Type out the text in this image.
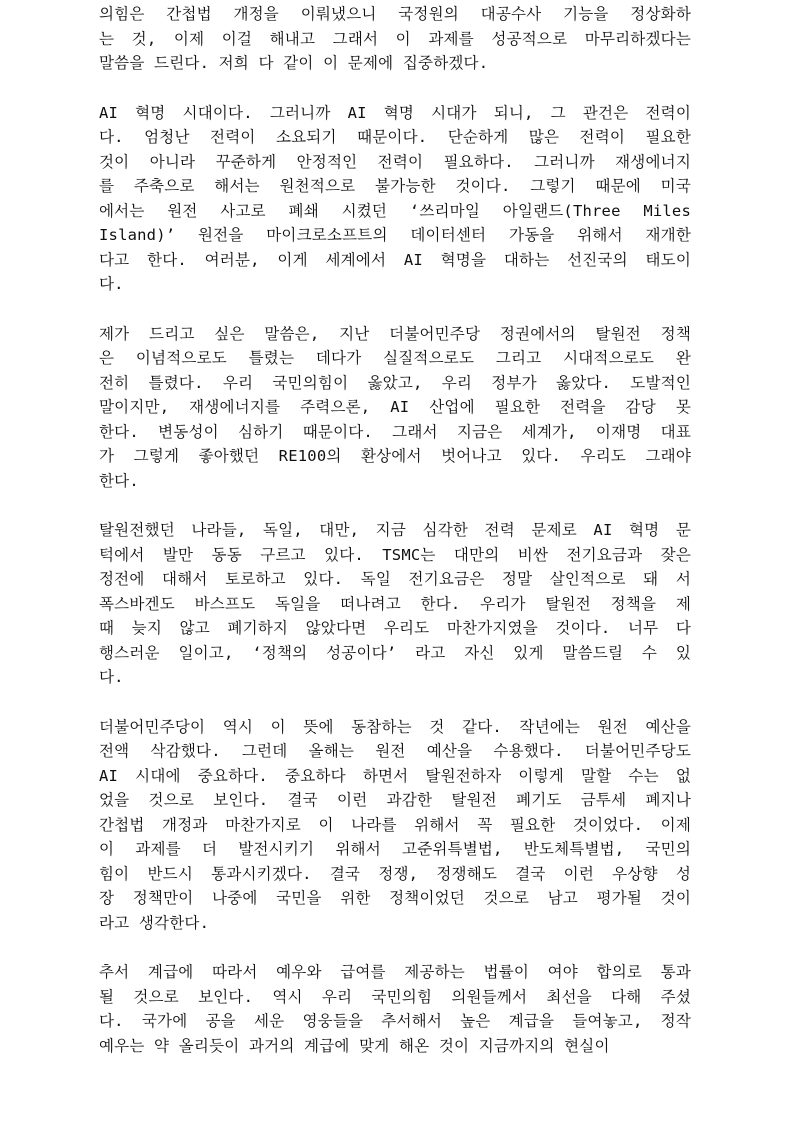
의힘은 간첩법 개정을 이뤄냈으니 국정원의 대공수사 기능을 정상화하
는 것, 이제 이걸 해내고 그래서 이 과제를 성공적으로 마무리하겠다는
말씀을 드린다. 저희 다 같이 이 문제에 집중하겠다.
AI 혁명 시대이다. 그러니까 AI 혁명 시대가 되니, 그 관건은 전력이
다. 엄청난 전력이 소요되기 때문이다. 단순하게 많은 전력이 필요한
것이 아니라 꾸준하게 안정적인 전력이 필요하다. 그러니까 재생에너지
를 주축으로 해서는 원천적으로 불가능한 것이다. 그렇기 때문에 미국
에서는 원전 사고로 폐쇄 시켰던 ‘쓰리마일 아일랜드(Three Miles
Island)’ 원전을 마이크로소프트의 데이터센터 가동을 위해서 재개한
다고 한다. 여러분, 이게 세계에서 AI 혁명을 대하는 선진국의 태도이
다.
제가 드리고 싶은 말씀은, 지난 더불어민주당 정권에서의 탈원전 정책
은 이념적으로도 틀렸는 데다가 실질적으로도 그리고 시대적으로도 완
전히 틀렸다. 우리 국민의힘이 옳았고, 우리 정부가 옳았다. 도발적인
말이지만, 재생에너지를 주력으론, AI 산업에 필요한 전력을 감당 못
한다. 변동성이 심하기 때문이다. 그래서 지금은 세계가, 이재명 대표
가 그렇게 좋아했던 RE100의 환상에서 벗어나고 있다. 우리도 그래야
한다.
탈원전했던 나라들, 독일, 대만, 지금 심각한 전력 문제로 AI 혁명 문
턱에서 발만 동동 구르고 있다. TSMC는 대만의 비싼 전기요금과 잦은
정전에 대해서 토로하고 있다. 독일 전기요금은 정말 살인적으로 돼 서
폭스바겐도 바스프도 독일을 떠나려고 한다. 우리가 탈원전 정책을 제
때 늦지 않고 폐기하지 않았다면 우리도 마찬가지였을 것이다. 너무 다
행스러운 일이고, ‘정책의 성공이다’ 라고 자신 있게 말씀드릴 수 있
다.
더불어민주당이 역시 이 뜻에 동참하는 것 같다. 작년에는 원전 예산을
전액 삭감했다. 그런데 올해는 원전 예산을 수용했다. 더불어민주당도
AI 시대에 중요하다. 중요하다 하면서 탈원전하자 이렇게 말할 수는 없
었을 것으로 보인다. 결국 이런 과감한 탈원전 폐기도 금투세 폐지나
간첩법 개정과 마찬가지로 이 나라를 위해서 꼭 필요한 것이었다. 이제
이 과제를 더 발전시키기 위해서 고준위특별법, 반도체특별법, 국민의
힘이 반드시 통과시키겠다. 결국 정쟁, 정쟁해도 결국 이런 우상향 성
장 정책만이 나중에 국민을 위한 정책이었던 것으로 남고 평가될 것이
라고 생각한다.
추서 계급에 따라서 예우와 급여를 제공하는 법률이 여야 합의로 통과
될 것으로 보인다. 역시 우리 국민의힘 의원들께서 최선을 다해 주셨
다. 국가에 공을 세운 영웅들을 추서해서 높은 계급을 들여놓고, 정작
예우는 약 올리듯이 과거의 계급에 맞게 해온 것이 지금까지의 현실이
